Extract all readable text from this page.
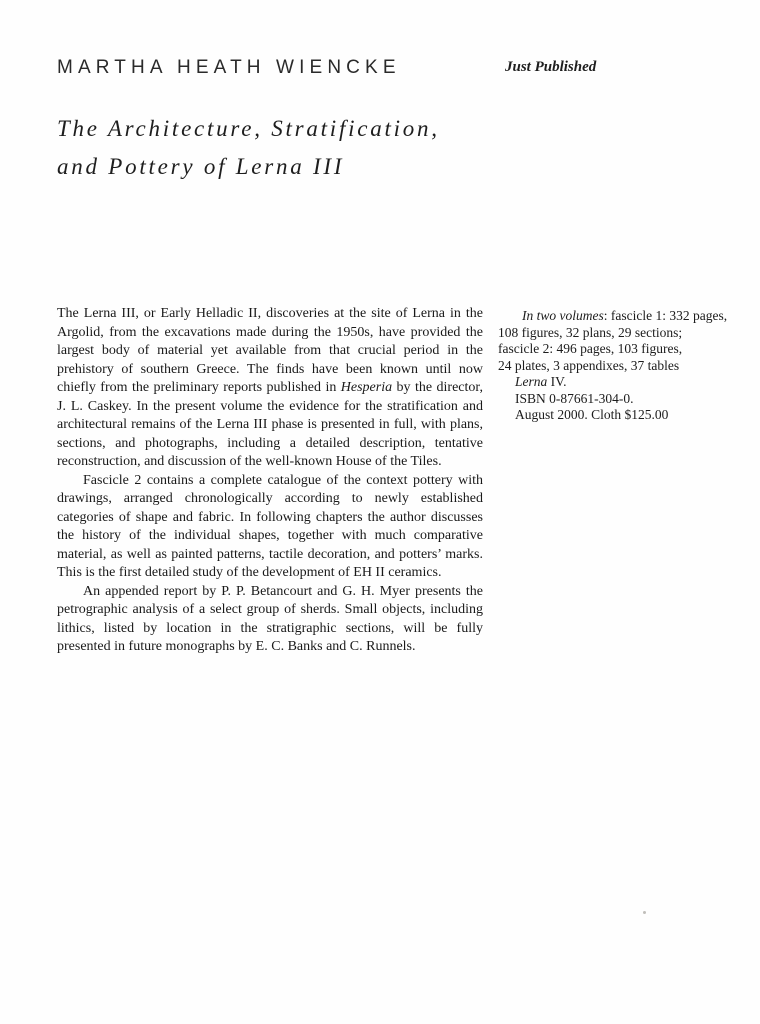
MARTHA HEATH WIENCKE	Just Published
The Architecture, Stratification,
and Pottery of Lerna III

The Lerna III, or Early Helladic II, discoveries at the site of Lerna in the Argolid, from the excavations made during the 1950s, have provided the largest body of material yet available from that crucial period in the prehistory of southern Greece. The finds have been known until now chiefly from the preliminary reports published in Hesperia by the director, J. L. Caskey. In the present volume the evidence for the stratification and architectural remains of the Lerna III phase is presented in full, with plans, sections, and photographs, including a detailed description, tentative reconstruction, and discussion of the well-known House of the Tiles.

Fascicle 2 contains a complete catalogue of the context pottery with drawings, arranged chronologically according to newly established categories of shape and fabric. In following chapters the author discusses the history of the individual shapes, together with much comparative material, as well as painted patterns, tactile decoration, and potters’ marks. This is the first detailed study of the development of EH II ceramics.

An appended report by P. P. Betancourt and G. H. Myer presents the petrographic analysis of a select group of sherds. Small objects, including lithics, listed by location in the stratigraphic sections, will be fully presented in future monographs by E. C. Banks and C. Runnels.

In two volumes: fascicle 1: 332 pages,
108 figures, 32 plans, 29 sections;
fascicle 2: 496 pages, 103 figures,
24 plates, 3 appendixes, 37 tables
Lerna IV.
ISBN 0-87661-304-0.
August 2000. Cloth $125.00
